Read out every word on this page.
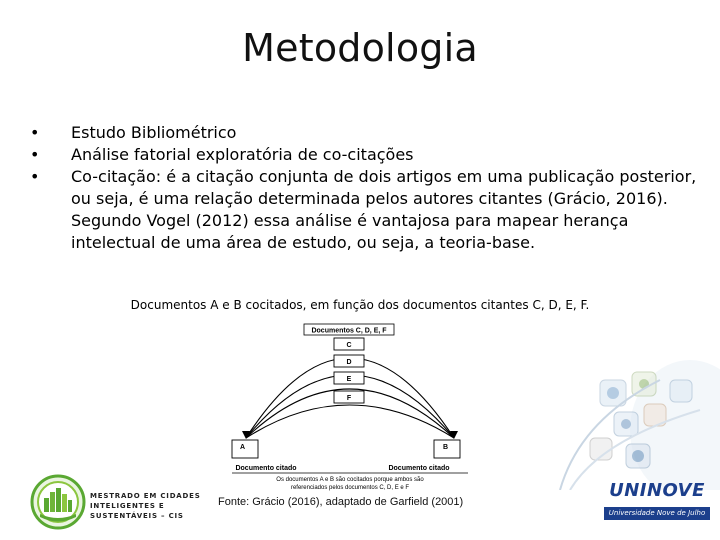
Metodologia
• Estudo Bibliométrico
• Análise fatorial exploratória de co-citações
• Co-citação: é a citação conjunta de dois artigos em uma publicação posterior, ou seja, é uma relação determinada pelos autores citantes (Grácio, 2016). Segundo Vogel (2012) essa análise é vantajosa para mapear herança intelectual de uma área de estudo, ou seja, a teoria-base.
Documentos A e B cocitados, em função dos documentos citantes C, D, E, F.
Documentos C, D, E, F
C
D
E
F
A	B
Documento citado	Documento citado
Os documentos A e B são cocitados porque ambos são
referenciados pelos documentos C, D, E e F
Fonte: Grácio (2016), adaptado de Garfield (2001)
MESTRADO EM CIDADES INTELIGENTES E SUSTENTÁVEIS – CIS
UNINOVE
Universidade Nove de Julho
